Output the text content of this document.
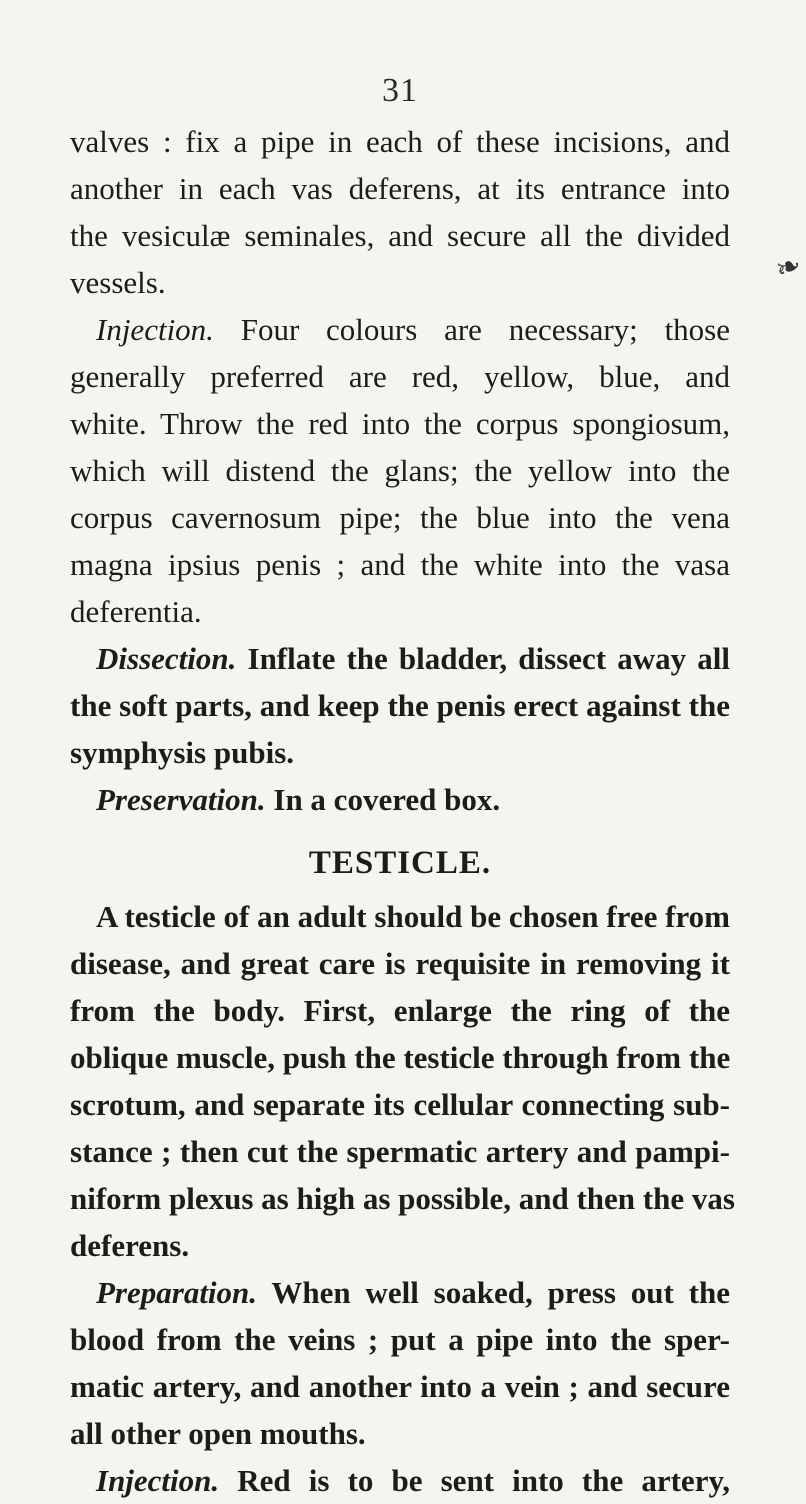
31
❧
valves : fix a pipe in each of these incisions, and
another in each vas deferens, at its entrance into
the vesiculæ seminales, and secure all the divided
vessels.
Injection. Four colours are necessary; those
generally preferred are red, yellow, blue, and
white. Throw the red into the corpus spongiosum,
which will distend the glans; the yellow into the
corpus cavernosum pipe; the blue into the vena
magna ipsius penis ; and the white into the vasa
deferentia.
Dissection. Inflate the bladder, dissect away all
the soft parts, and keep the penis erect against the
symphysis pubis.
Preservation. In a covered box.
TESTICLE.
A testicle of an adult should be chosen free from
disease, and great care is requisite in removing it
from the body. First, enlarge the ring of the
oblique muscle, push the testicle through from the
scrotum, and separate its cellular connecting sub-
stance ; then cut the spermatic artery and pampi-
niform plexus as high as possible, and then the vas
deferens.
Preparation. When well soaked, press out the
blood from the veins ; put a pipe into the sper-
matic artery, and another into a vein ; and secure
all other open mouths.
Injection. Red is to be sent into the artery,
